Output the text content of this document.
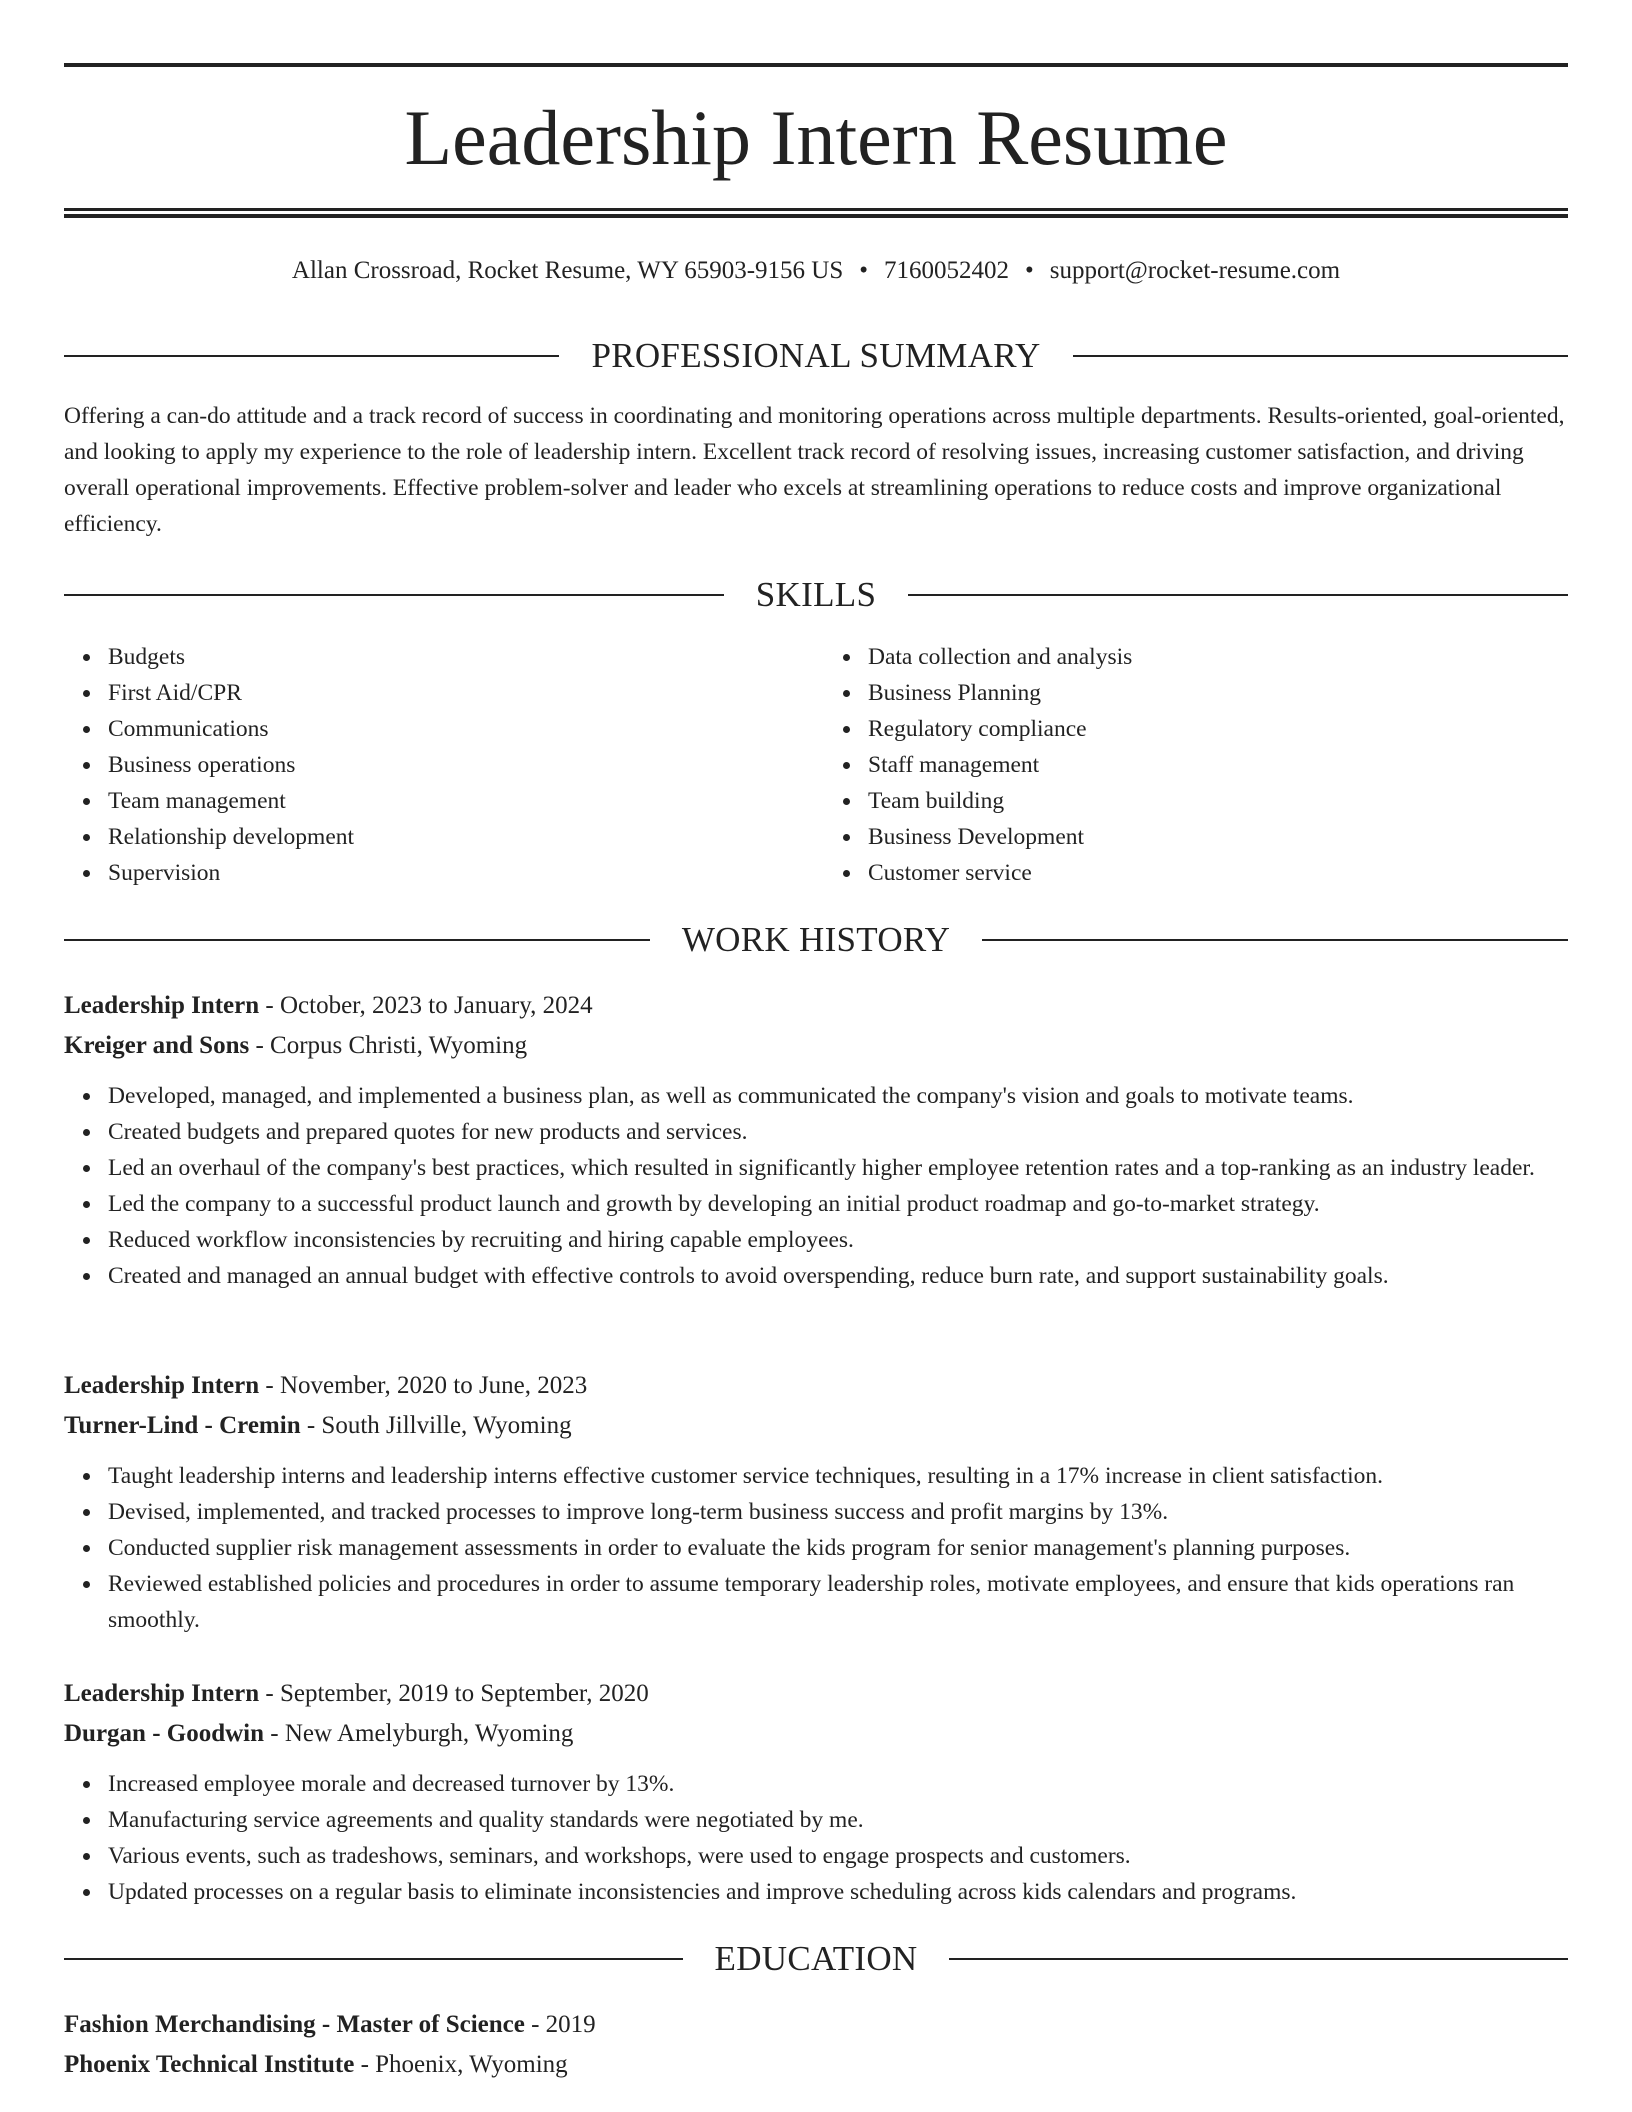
Leadership Intern Resume
Allan Crossroad, Rocket Resume, WY 65903-9156 US • 7160052402 • support@rocket-resume.com
PROFESSIONAL SUMMARY
Offering a can-do attitude and a track record of success in coordinating and monitoring operations across multiple departments. Results-oriented, goal-oriented, and looking to apply my experience to the role of leadership intern. Excellent track record of resolving issues, increasing customer satisfaction, and driving overall operational improvements. Effective problem-solver and leader who excels at streamlining operations to reduce costs and improve organizational efficiency.
SKILLS
Budgets
First Aid/CPR
Communications
Business operations
Team management
Relationship development
Supervision
Data collection and analysis
Business Planning
Regulatory compliance
Staff management
Team building
Business Development
Customer service
WORK HISTORY
Leadership Intern - October, 2023 to January, 2024
Kreiger and Sons - Corpus Christi, Wyoming
Developed, managed, and implemented a business plan, as well as communicated the company's vision and goals to motivate teams.
Created budgets and prepared quotes for new products and services.
Led an overhaul of the company's best practices, which resulted in significantly higher employee retention rates and a top-ranking as an industry leader.
Led the company to a successful product launch and growth by developing an initial product roadmap and go-to-market strategy.
Reduced workflow inconsistencies by recruiting and hiring capable employees.
Created and managed an annual budget with effective controls to avoid overspending, reduce burn rate, and support sustainability goals.
Leadership Intern - November, 2020 to June, 2023
Turner-Lind - Cremin - South Jillville, Wyoming
Taught leadership interns and leadership interns effective customer service techniques, resulting in a 17% increase in client satisfaction.
Devised, implemented, and tracked processes to improve long-term business success and profit margins by 13%.
Conducted supplier risk management assessments in order to evaluate the kids program for senior management's planning purposes.
Reviewed established policies and procedures in order to assume temporary leadership roles, motivate employees, and ensure that kids operations ran smoothly.
Leadership Intern - September, 2019 to September, 2020
Durgan - Goodwin - New Amelyburgh, Wyoming
Increased employee morale and decreased turnover by 13%.
Manufacturing service agreements and quality standards were negotiated by me.
Various events, such as tradeshows, seminars, and workshops, were used to engage prospects and customers.
Updated processes on a regular basis to eliminate inconsistencies and improve scheduling across kids calendars and programs.
EDUCATION
Fashion Merchandising - Master of Science - 2019
Phoenix Technical Institute - Phoenix, Wyoming
